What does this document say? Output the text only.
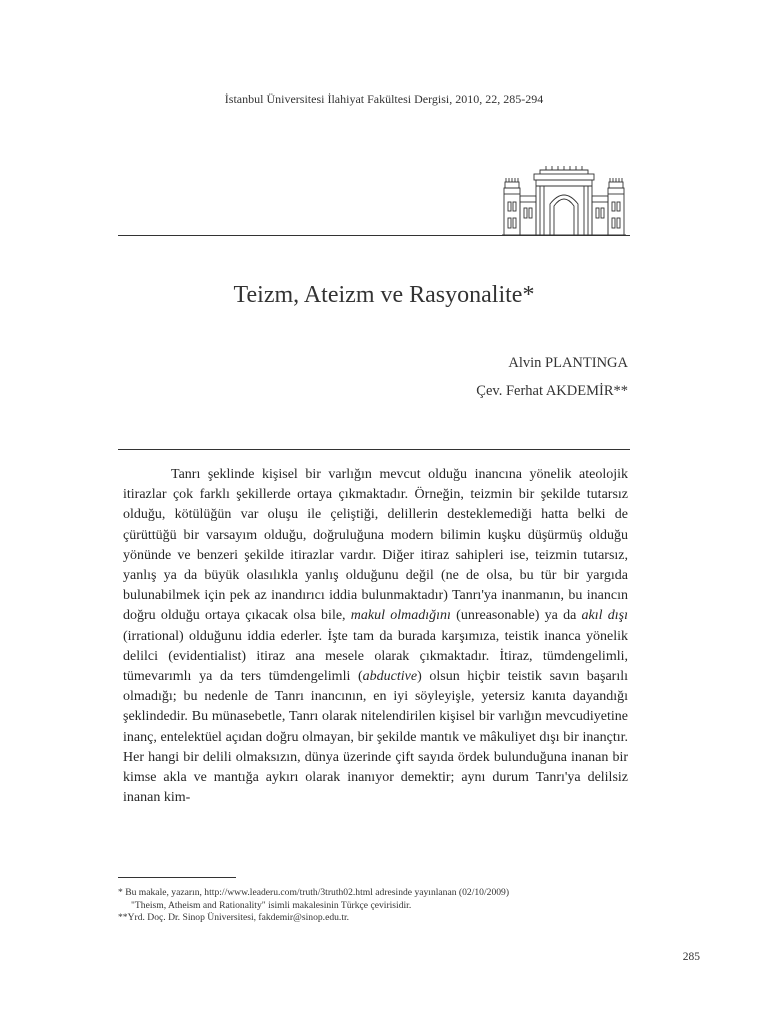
İstanbul Üniversitesi İlahiyat Fakültesi Dergisi, 2010, 22, 285-294
Teizm, Ateizm ve Rasyonalite*
Alvin PLANTINGA
Çev. Ferhat AKDEMİR**

Tanrı şeklinde kişisel bir varlığın mevcut olduğu inancına yönelik ateolojik itirazlar çok farklı şekillerde ortaya çıkmaktadır. Örneğin, teizmin bir şekilde tutarsız olduğu, kötülüğün var oluşu ile çeliştiği, delillerin desteklemediği hatta belki de çürüttüğü bir varsayım olduğu, doğruluğuna modern bilimin kuşku düşürmüş olduğu yönünde ve benzeri şekilde itirazlar vardır. Diğer itiraz sahipleri ise, teizmin tutarsız, yanlış ya da büyük olasılıkla yanlış olduğunu değil (ne de olsa, bu tür bir yargıda bulunabilmek için pek az inandırıcı iddia bulunmaktadır) Tanrı'ya inanmanın, bu inancın doğru olduğu ortaya çıkacak olsa bile, makul olmadığını (unreasonable) ya da akıl dışı (irrational) olduğunu iddia ederler. İşte tam da burada karşımıza, teistik inanca yönelik delilci (evidentialist) itiraz ana mesele olarak çıkmaktadır. İtiraz, tümdengelimli, tümevarımlı ya da ters tümdengelimli (abductive) olsun hiçbir teistik savın başarılı olmadığı; bu nedenle de Tanrı inancının, en iyi söyleyişle, yetersiz kanıta dayandığı şeklindedir. Bu münasebetle, Tanrı olarak nitelendirilen kişisel bir varlığın mevcudiyetine inanç, entelektüel açıdan doğru olmayan, bir şekilde mantık ve mâkuliyet dışı bir inançtır. Her hangi bir delili olmaksızın, dünya üzerinde çift sayıda ördek bulunduğuna inanan bir kimse akla ve mantığa aykırı olarak inanıyor demektir; aynı durum Tanrı'ya delilsiz inanan kim-

* Bu makale, yazarın, http://www.leaderu.com/truth/3truth02.html adresinde yayınlanan (02/10/2009)

"Theism, Atheism and Rationality" isimli makalesinin Türkçe çevirisidir.

**Yrd. Doç. Dr. Sinop Üniversitesi, fakdemir@sinop.edu.tr.

285
